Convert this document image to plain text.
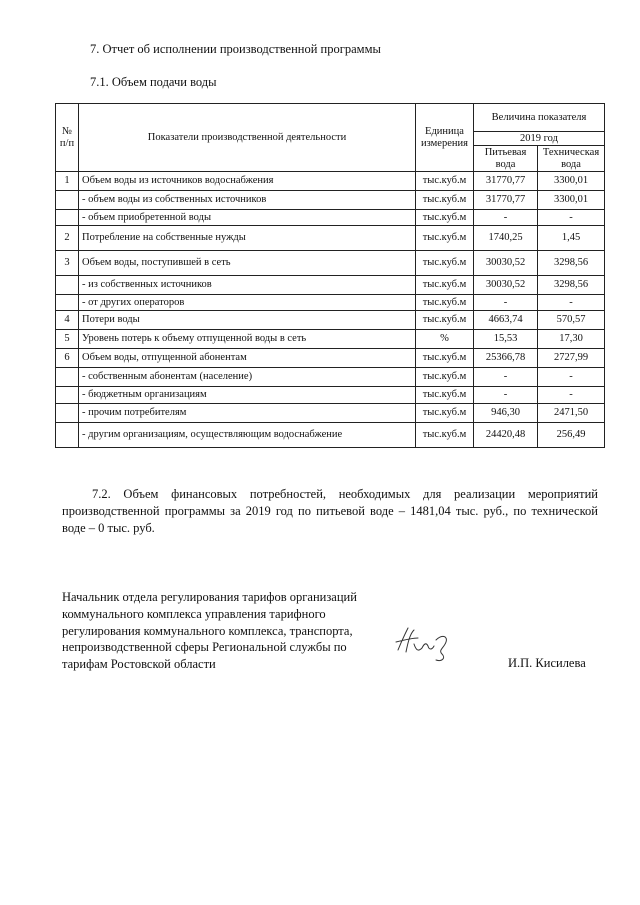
7. Отчет об исполнении производственной программы
7.1. Объем подачи воды
№ п/п	Показатели производственной деятельности	Единица измерения	Величина показателя	
			2019 год	
			Питьевая вода	Техническая вода
1	Объем воды из источников водоснабжения	тыс.куб.м	31770,77	3300,01
	- объем воды из собственных источников	тыс.куб.м	31770,77	3300,01
	- объем приобретенной воды	тыс.куб.м	-	-
2	Потребление на собственные нужды	тыс.куб.м	1740,25	1,45
3	Объем воды, поступившей в сеть	тыс.куб.м	30030,52	3298,56
	- из собственных источников	тыс.куб.м	30030,52	3298,56
	- от других операторов	тыс.куб.м	-	-
4	Потери воды	тыс.куб.м	4663,74	570,57
5	Уровень потерь к объему отпущенной воды в сеть	%	15,53	17,30
6	Объем воды, отпущенной абонентам	тыс.куб.м	25366,78	2727,99
	- собственным абонентам (население)	тыс.куб.м	-	-
	- бюджетным организациям	тыс.куб.м	-	-
	- прочим потребителям	тыс.куб.м	946,30	2471,50
	- другим организациям, осуществляющим водоснабжение	тыс.куб.м	24420,48	256,49
7.2. Объем финансовых потребностей, необходимых для реализации мероприятий производственной программы за 2019 год по питьевой воде – 1481,04 тыс. руб., по технической воде – 0 тыс. руб.
Начальник отдела регулирования тарифов организаций
коммунального комплекса управления тарифного
регулирования коммунального комплекса, транспорта,
непроизводственной сферы Региональной службы по
тарифам Ростовской области	И.П. Кисилева
